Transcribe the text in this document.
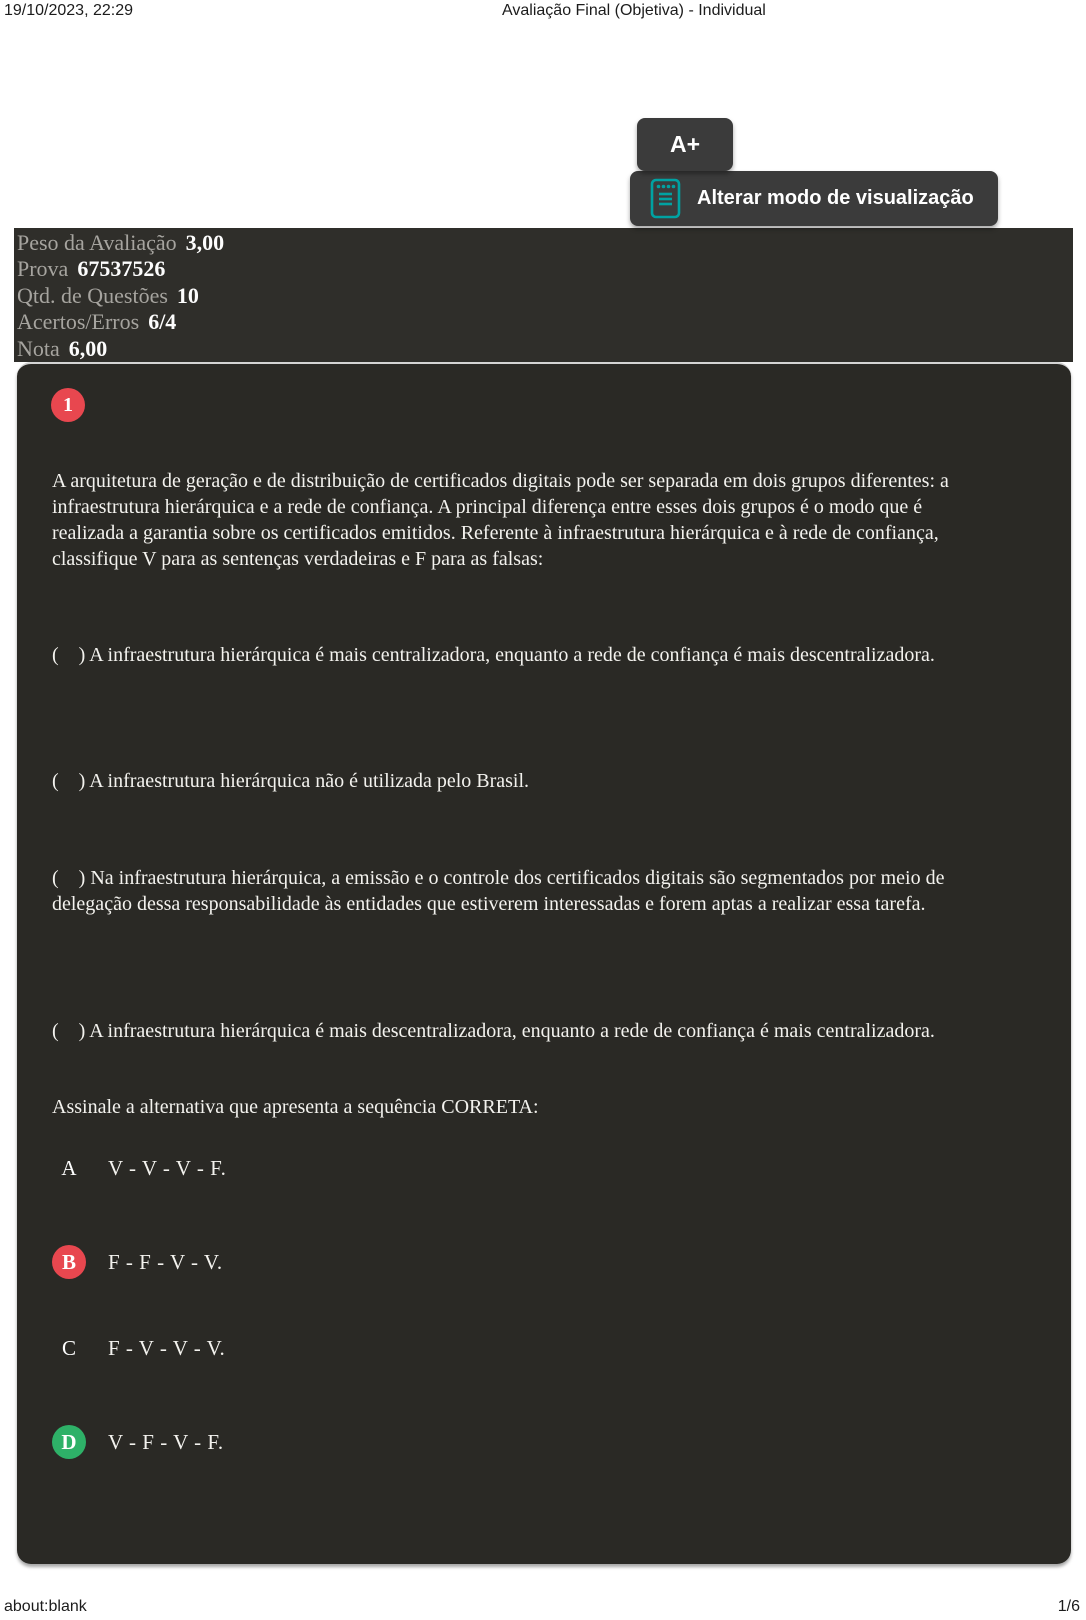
19/10/2023, 22:29	Avaliação Final (Objetiva) - Individual
A+
Alterar modo de visualização
Peso da Avaliação 3,00
Prova 67537526
Qtd. de Questões 10
Acertos/Erros 6/4
Nota 6,00
1

A arquitetura de geração e de distribuição de certificados digitais pode ser separada em dois grupos diferentes: a infraestrutura hierárquica e a rede de confiança. A principal diferença entre esses dois grupos é o modo que é realizada a garantia sobre os certificados emitidos. Referente à infraestrutura hierárquica e à rede de confiança, classifique V para as sentenças verdadeiras e F para as falsas:

(    ) A infraestrutura hierárquica é mais centralizadora, enquanto a rede de confiança é mais descentralizadora.

(    ) A infraestrutura hierárquica não é utilizada pelo Brasil.

(    ) Na infraestrutura hierárquica, a emissão e o controle dos certificados digitais são segmentados por meio de delegação dessa responsabilidade às entidades que estiverem interessadas e forem aptas a realizar essa tarefa.

(    ) A infraestrutura hierárquica é mais descentralizadora, enquanto a rede de confiança é mais centralizadora.

Assinale a alternativa que apresenta a sequência CORRETA:

A	V - V - V - F.
B	F - F - V - V.
C	F - V - V - V.
D	V - F - V - F.
about:blank	1/6
